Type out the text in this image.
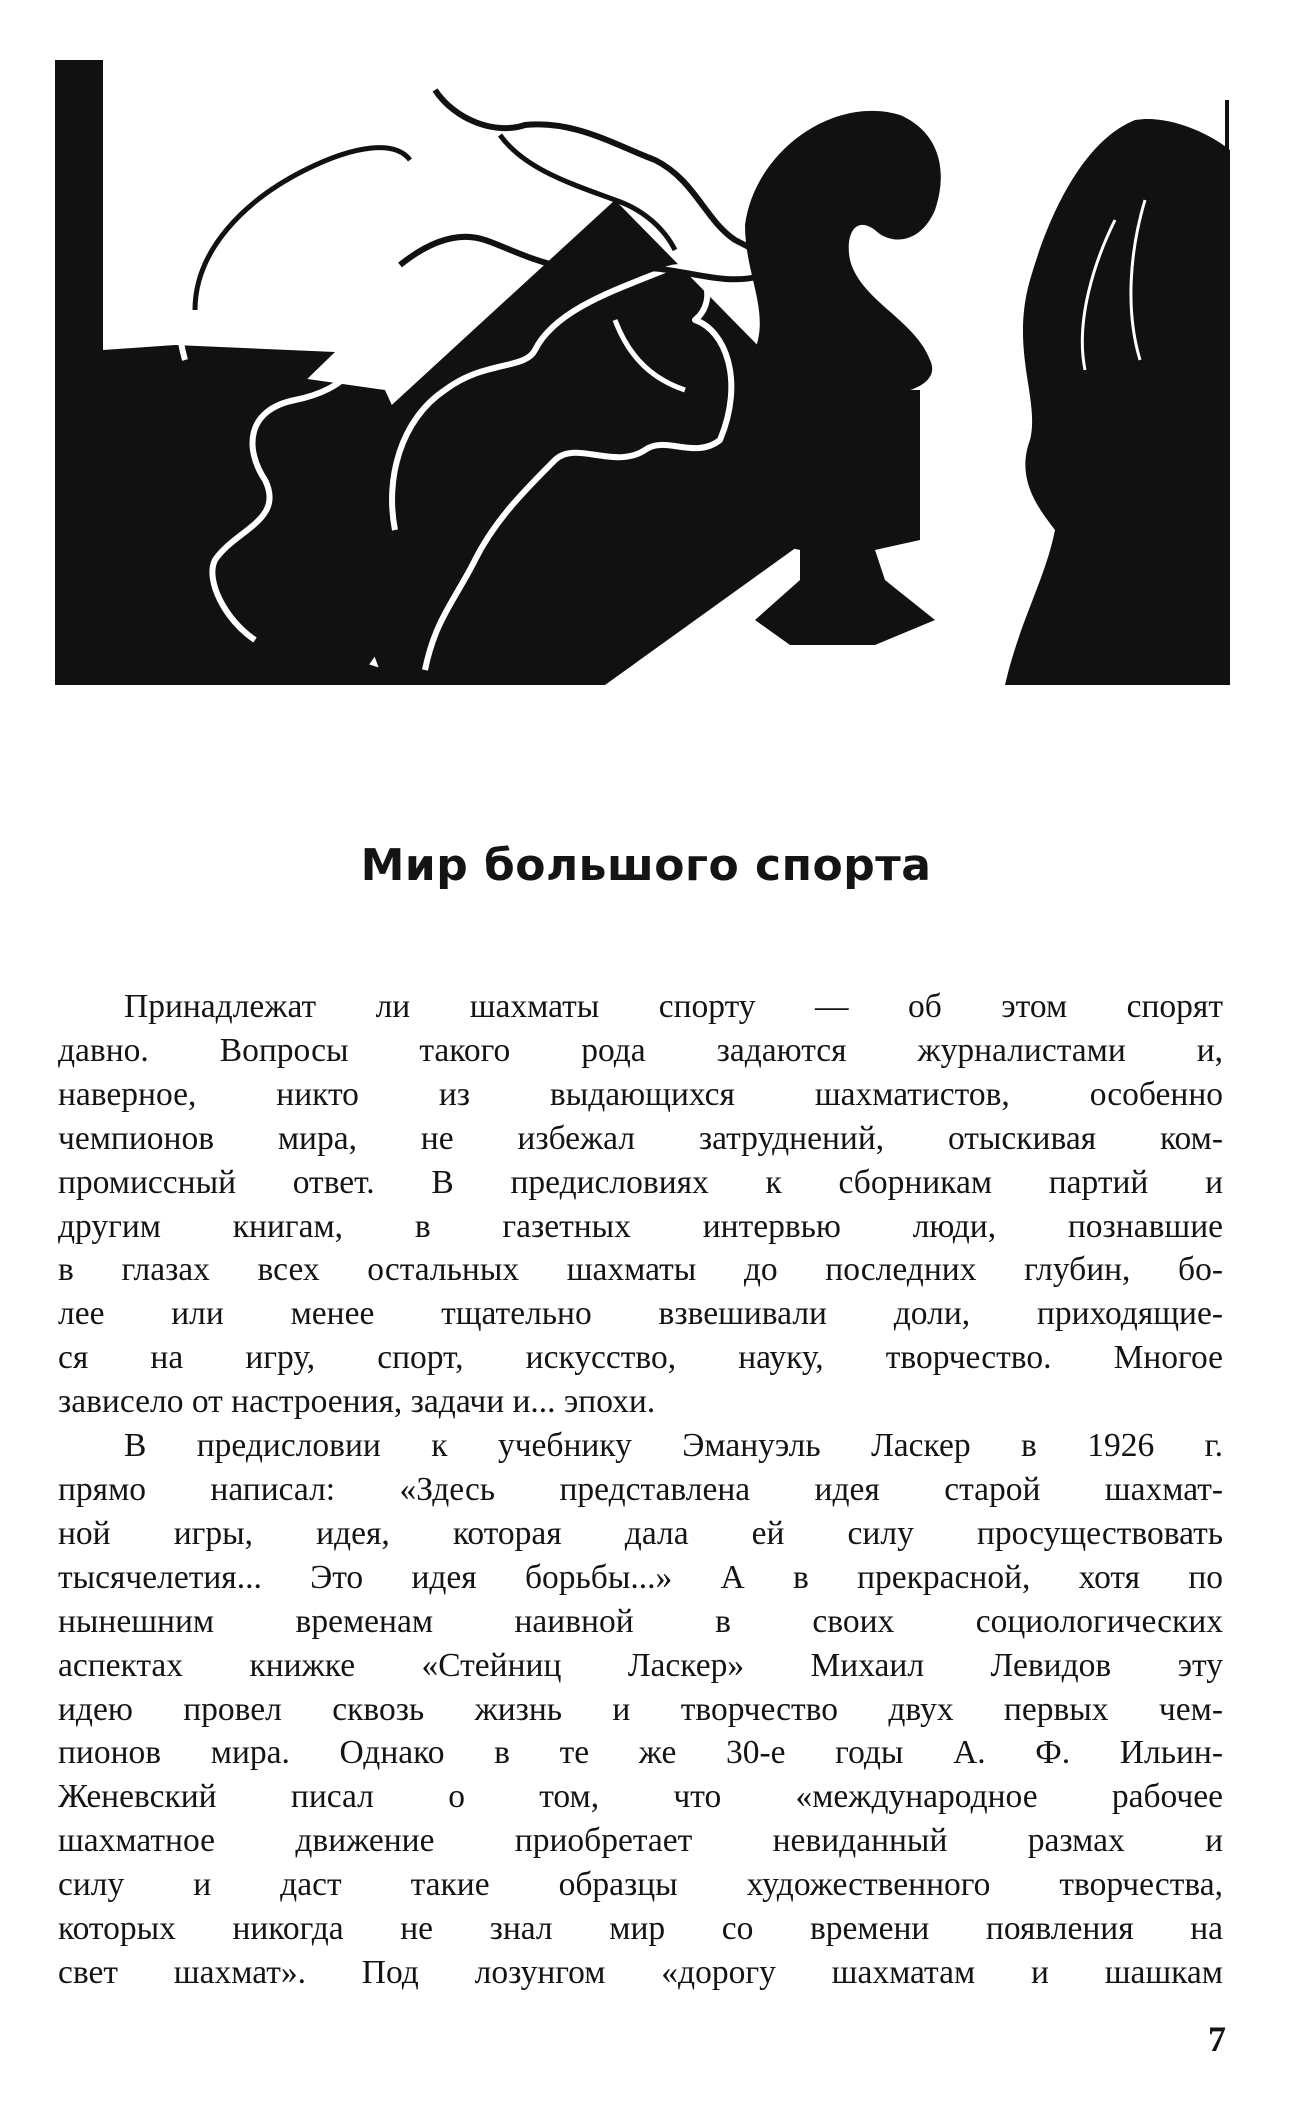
Мир большого спорта
Принадлежат ли шахматы спорту — об этом спорят
давно. Вопросы такого рода задаются журналистами и,
наверное, никто из выдающихся шахматистов, особенно
чемпионов мира, не избежал затруднений, отыскивая ком-
промиссный ответ. В предисловиях к сборникам партий и
другим книгам, в газетных интервью люди, познавшие
в глазах всех остальных шахматы до последних глубин, бо-
лее или менее тщательно взвешивали доли, приходящие-
ся на игру, спорт, искусство, науку, творчество. Многое
зависело от настроения, задачи и... эпохи.
В предисловии к учебнику Эмануэль Ласкер в 1926 г.
прямо написал: «Здесь представлена идея старой шахмат-
ной игры, идея, которая дала ей силу просуществовать
тысячелетия... Это идея борьбы...» А в прекрасной, хотя по
нынешним временам наивной в своих социологических
аспектах книжке «Стейниц Ласкер» Михаил Левидов эту
идею провел сквозь жизнь и творчество двух первых чем-
пионов мира. Однако в те же 30-е годы А. Ф. Ильин-
Женевский писал о том, что «международное рабочее
шахматное движение приобретает невиданный размах и
силу и даст такие образцы художественного творчества,
которых никогда не знал мир со времени появления на
свет шахмат». Под лозунгом «дорогу шахматам и шашкам
7
